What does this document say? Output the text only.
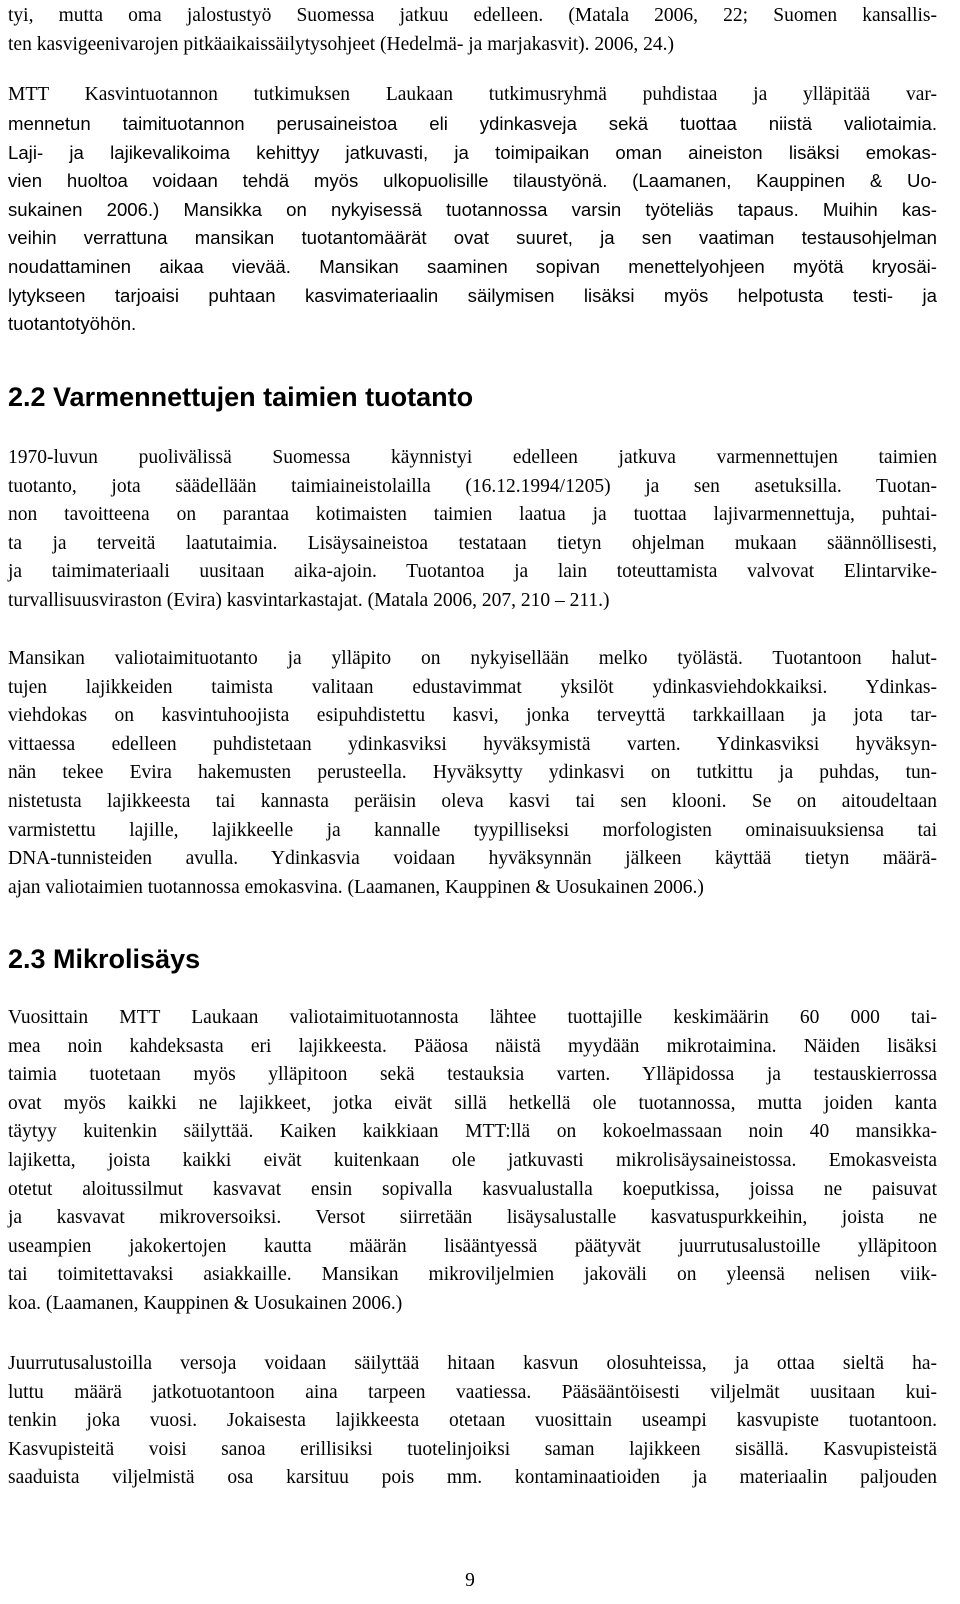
tyi, mutta oma jalostustyö Suomessa jatkuu edelleen. (Matala 2006, 22; Suomen kansallis-
ten kasvigeenivarojen pitkäaikaissäilytysohjeet (Hedelmä- ja marjakasvit). 2006, 24.)
MTT Kasvintuotannon tutkimuksen Laukaan tutkimusryhmä puhdistaa ja ylläpitää var-
mennetun taimituotannon perusaineistoa eli ydinkasveja sekä tuottaa niistä valiotaimia.
Laji- ja lajikevalikoima kehittyy jatkuvasti, ja toimipaikan oman aineiston lisäksi emokas-
vien huoltoa voidaan tehdä myös ulkopuolisille tilaustyönä. (Laamanen, Kauppinen & Uo-
sukainen 2006.) Mansikka on nykyisessä tuotannossa varsin työteliäs tapaus. Muihin kas-
veihin verrattuna mansikan tuotantomäärät ovat suuret, ja sen vaatiman testausohjelman
noudattaminen aikaa vievää. Mansikan saaminen sopivan menettelyohjeen myötä kryosäi-
lytykseen tarjoaisi puhtaan kasvimateriaalin säilymisen lisäksi myös helpotusta testi- ja
tuotantotyöhön.
2.2 Varmennettujen taimien tuotanto
1970-luvun puolivälissä Suomessa käynnistyi edelleen jatkuva varmennettujen taimien
tuotanto, jota säädellään taimiaineistolailla (16.12.1994/1205) ja sen asetuksilla. Tuotan-
non tavoitteena on parantaa kotimaisten taimien laatua ja tuottaa lajivarmennettuja, puhtai-
ta ja terveitä laatutaimia. Lisäysaineistoa testataan tietyn ohjelman mukaan säännöllisesti,
ja taimimateriaali uusitaan aika-ajoin. Tuotantoa ja lain toteuttamista valvovat Elintarvike-
turvallisuusviraston (Evira) kasvintarkastajat. (Matala 2006, 207, 210 – 211.)
Mansikan valiotaimituotanto ja ylläpito on nykyisellään melko työlästä. Tuotantoon halut-
tujen lajikkeiden taimista valitaan edustavimmat yksilöt ydinkasviehdokkaiksi. Ydinkas-
viehdokas on kasvintuhoojista esipuhdistettu kasvi, jonka terveyttä tarkkaillaan ja jota tar-
vittaessa edelleen puhdistetaan ydinkasviksi hyväksymistä varten. Ydinkasviksi hyväksyn-
nän tekee Evira hakemusten perusteella. Hyväksytty ydinkasvi on tutkittu ja puhdas, tun-
nistetusta lajikkeesta tai kannasta peräisin oleva kasvi tai sen klooni. Se on aitoudeltaan
varmistettu lajille, lajikkeelle ja kannalle tyypilliseksi morfologisten ominaisuuksiensa tai
DNA-tunnisteiden avulla. Ydinkasvia voidaan hyväksynnän jälkeen käyttää tietyn määrä-
ajan valiotaimien tuotannossa emokasvina. (Laamanen, Kauppinen & Uosukainen 2006.)
2.3 Mikrolisäys
Vuosittain MTT Laukaan valiotaimituotannosta lähtee tuottajille keskimäärin 60 000 tai-
mea noin kahdeksasta eri lajikkeesta. Pääosa näistä myydään mikrotaimina. Näiden lisäksi
taimia tuotetaan myös ylläpitoon sekä testauksia varten. Ylläpidossa ja testauskierrossa
ovat myös kaikki ne lajikkeet, jotka eivät sillä hetkellä ole tuotannossa, mutta joiden kanta
täytyy kuitenkin säilyttää. Kaiken kaikkiaan MTT:llä on kokoelmassaan noin 40 mansikka-
lajiketta, joista kaikki eivät kuitenkaan ole jatkuvasti mikrolisäysaineistossa. Emokasveista
otetut aloitussilmut kasvavat ensin sopivalla kasvualustalla koeputkissa, joissa ne paisuvat
ja kasvavat mikroversoiksi. Versot siirretään lisäysalustalle kasvatuspurkkeihin, joista ne
useampien jakokertojen kautta määrän lisääntyessä päätyvät juurrutusalustoille ylläpitoon
tai toimitettavaksi asiakkaille. Mansikan mikroviljelmien jakoväli on yleensä nelisen viik-
koa. (Laamanen, Kauppinen & Uosukainen 2006.)
Juurrutusalustoilla versoja voidaan säilyttää hitaan kasvun olosuhteissa, ja ottaa sieltä ha-
luttu määrä jatkotuotantoon aina tarpeen vaatiessa. Pääsääntöisesti viljelmät uusitaan kui-
tenkin joka vuosi. Jokaisesta lajikkeesta otetaan vuosittain useampi kasvupiste tuotantoon.
Kasvupisteitä voisi sanoa erillisiksi tuotelinjoiksi saman lajikkeen sisällä. Kasvupisteistä
saaduista viljelmistä osa karsituu pois mm. kontaminaatioiden ja materiaalin paljouden
9
